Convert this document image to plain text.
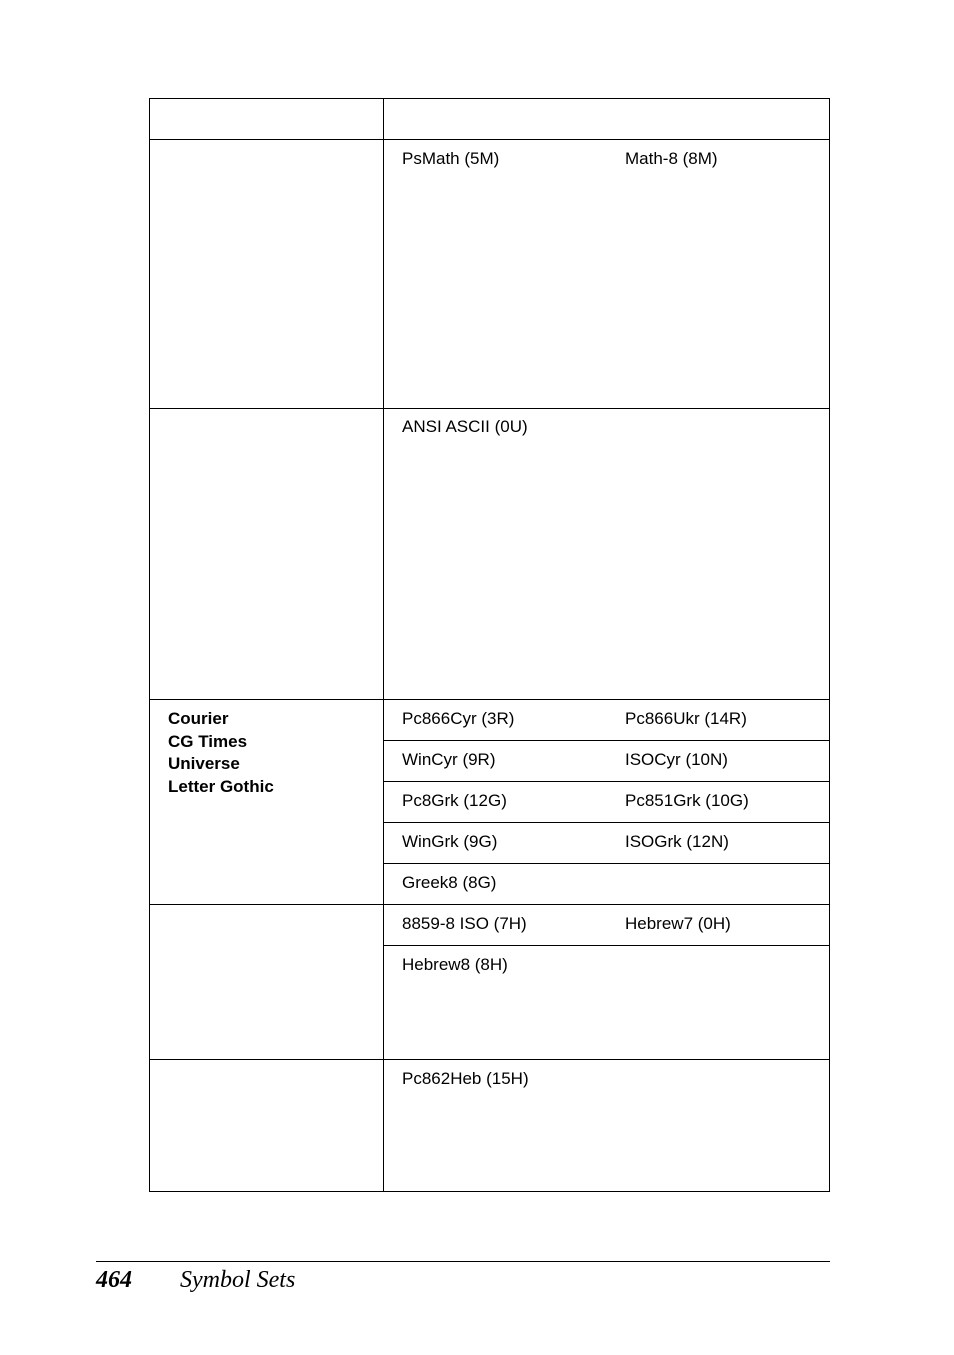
PsMath (5M)	Math-8 (8M)
ANSI ASCII (0U)
Courier
CG Times
Universe
Letter Gothic
Pc866Cyr (3R)	Pc866Ukr (14R)
WinCyr (9R)	ISOCyr (10N)
Pc8Grk (12G)	Pc851Grk (10G)
WinGrk (9G)	ISOGrk (12N)
Greek8 (8G)
8859-8 ISO (7H)	Hebrew7 (0H)
Hebrew8 (8H)
Pc862Heb (15H)
464 Symbol Sets
